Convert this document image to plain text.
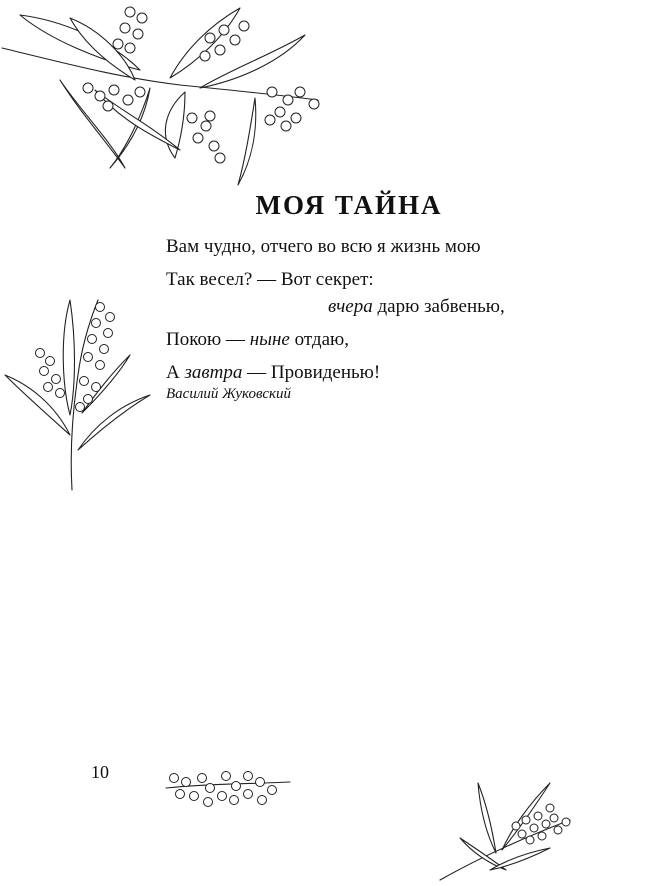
МОЯ ТАЙНА
Вам чудно, отчего во всю я жизнь мою
Так весел? — Вот секрет:
вчера дарю забвенью,
Покою — ныне отдаю,
А завтра — Провиденью!
Василий Жуковский
10
